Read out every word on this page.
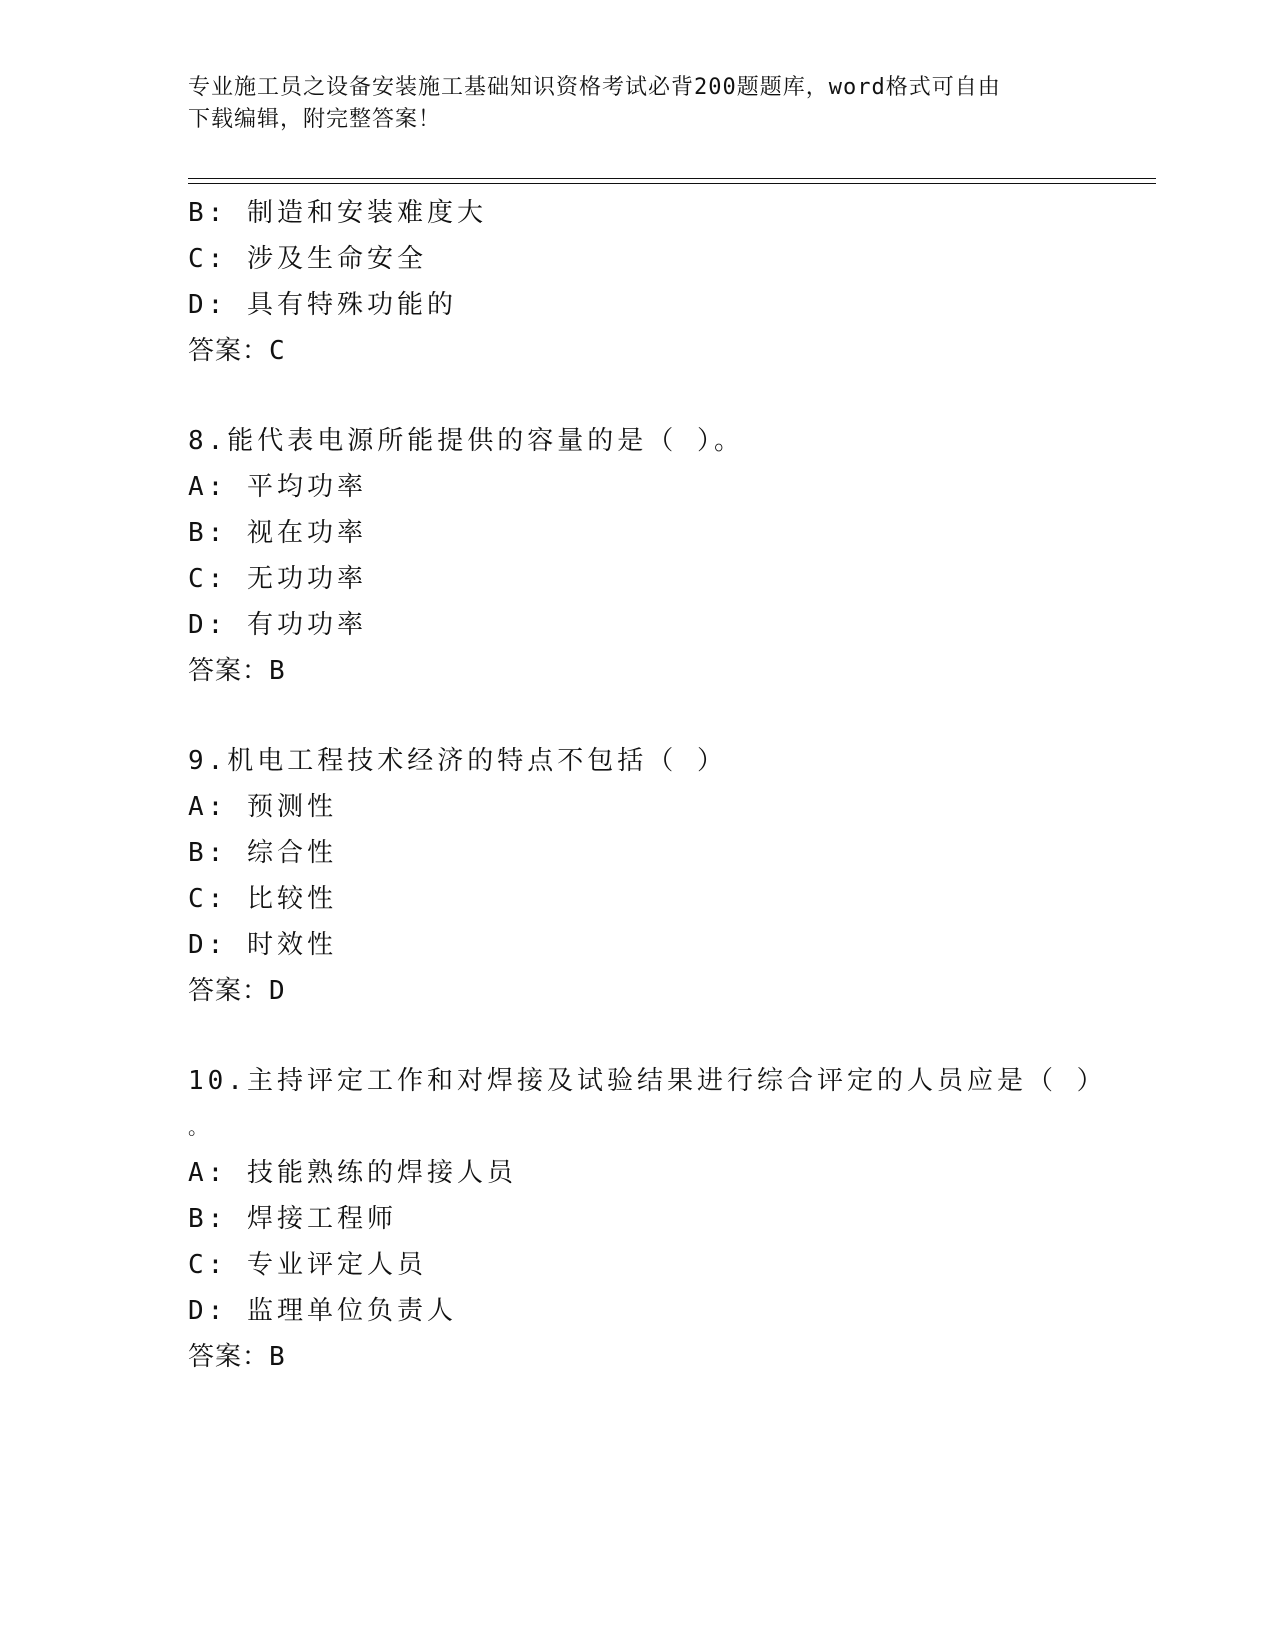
专业施工员之设备安装施工基础知识资格考试必背200题题库，word格式可自由
下载编辑，附完整答案！
B: 制造和安装难度大
C: 涉及生命安全
D: 具有特殊功能的
答案：C
8.能代表电源所能提供的容量的是（ ）。
A: 平均功率
B: 视在功率
C: 无功功率
D: 有功功率
答案：B
9.机电工程技术经济的特点不包括（ ）
A: 预测性
B: 综合性
C: 比较性
D: 时效性
答案：D
10.主持评定工作和对焊接及试验结果进行综合评定的人员应是（ ）
。
A: 技能熟练的焊接人员
B: 焊接工程师
C: 专业评定人员
D: 监理单位负责人
答案：B
